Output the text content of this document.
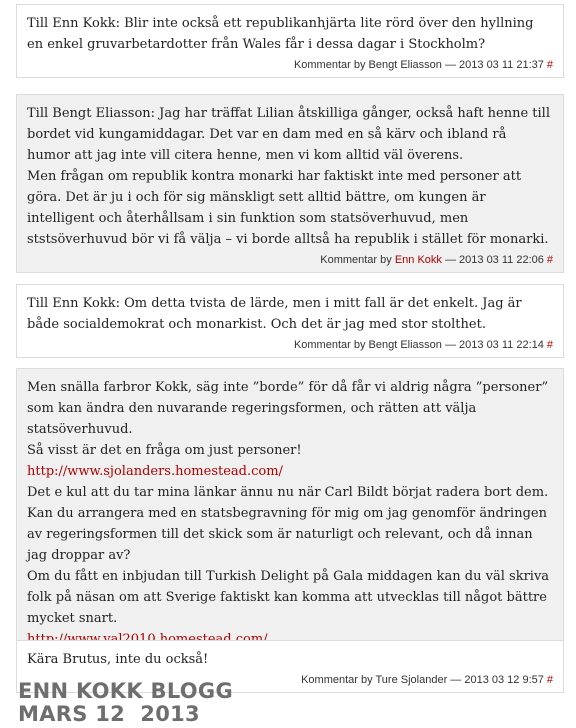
Till Enn Kokk: Blir inte också ett republikanhjärta lite rörd över den hyllning en enkel gruvarbetardotter från Wales får i dessa dagar i Stockholm?

Kommentar by Bengt Eliasson — 2013 03 11 21:37 #

Till Bengt Eliasson: Jag har träffat Lilian åtskilliga gånger, också haft henne till bordet vid kungamiddagar. Det var en dam med en så kärv och ibland rå humor att jag inte vill citera henne, men vi kom alltid väl överens.
Men frågan om republik kontra monarki har faktiskt inte med personer att göra. Det är ju i och för sig mänskligt sett alltid bättre, om kungen är intelligent och återhållsam i sin funktion som statsöverhuvud, men ststsöverhuvud bör vi få välja – vi borde alltså ha republik i stället för monarki.

Kommentar by Enn Kokk — 2013 03 11 22:06 #

Till Enn Kokk: Om detta tvista de lärde, men i mitt fall är det enkelt. Jag är både socialdemokrat och monarkist. Och det är jag med stor stolthet.

Kommentar by Bengt Eliasson — 2013 03 11 22:14 #

Men snälla farbror Kokk, säg inte ”borde” för då får vi aldrig några ”personer” som kan ändra den nuvarande regeringsformen, och rätten att välja statsöverhuvud.
Så visst är det en fråga om just personer!

http://www.sjolanders.homestead.com/

Det e kul att du tar mina länkar ännu nu när Carl Bildt börjat radera bort dem.
Kan du arrangera med en statsbegravning för mig om jag genomför ändringen av regeringsformen till det skick som är naturligt och relevant, och då innan jag droppar av?
Om du fått en inbjudan till Turkish Delight på Gala middagen kan du väl skriva folk på näsan om att Sverige faktiskt kan komma att utvecklas till något bättre mycket snart.

Kära Brutus, inte du också!

Kommentar by Ture Sjolander — 2013 03 12 9:57 #
ENN KOKK BLOGG
MARS 12  2013
